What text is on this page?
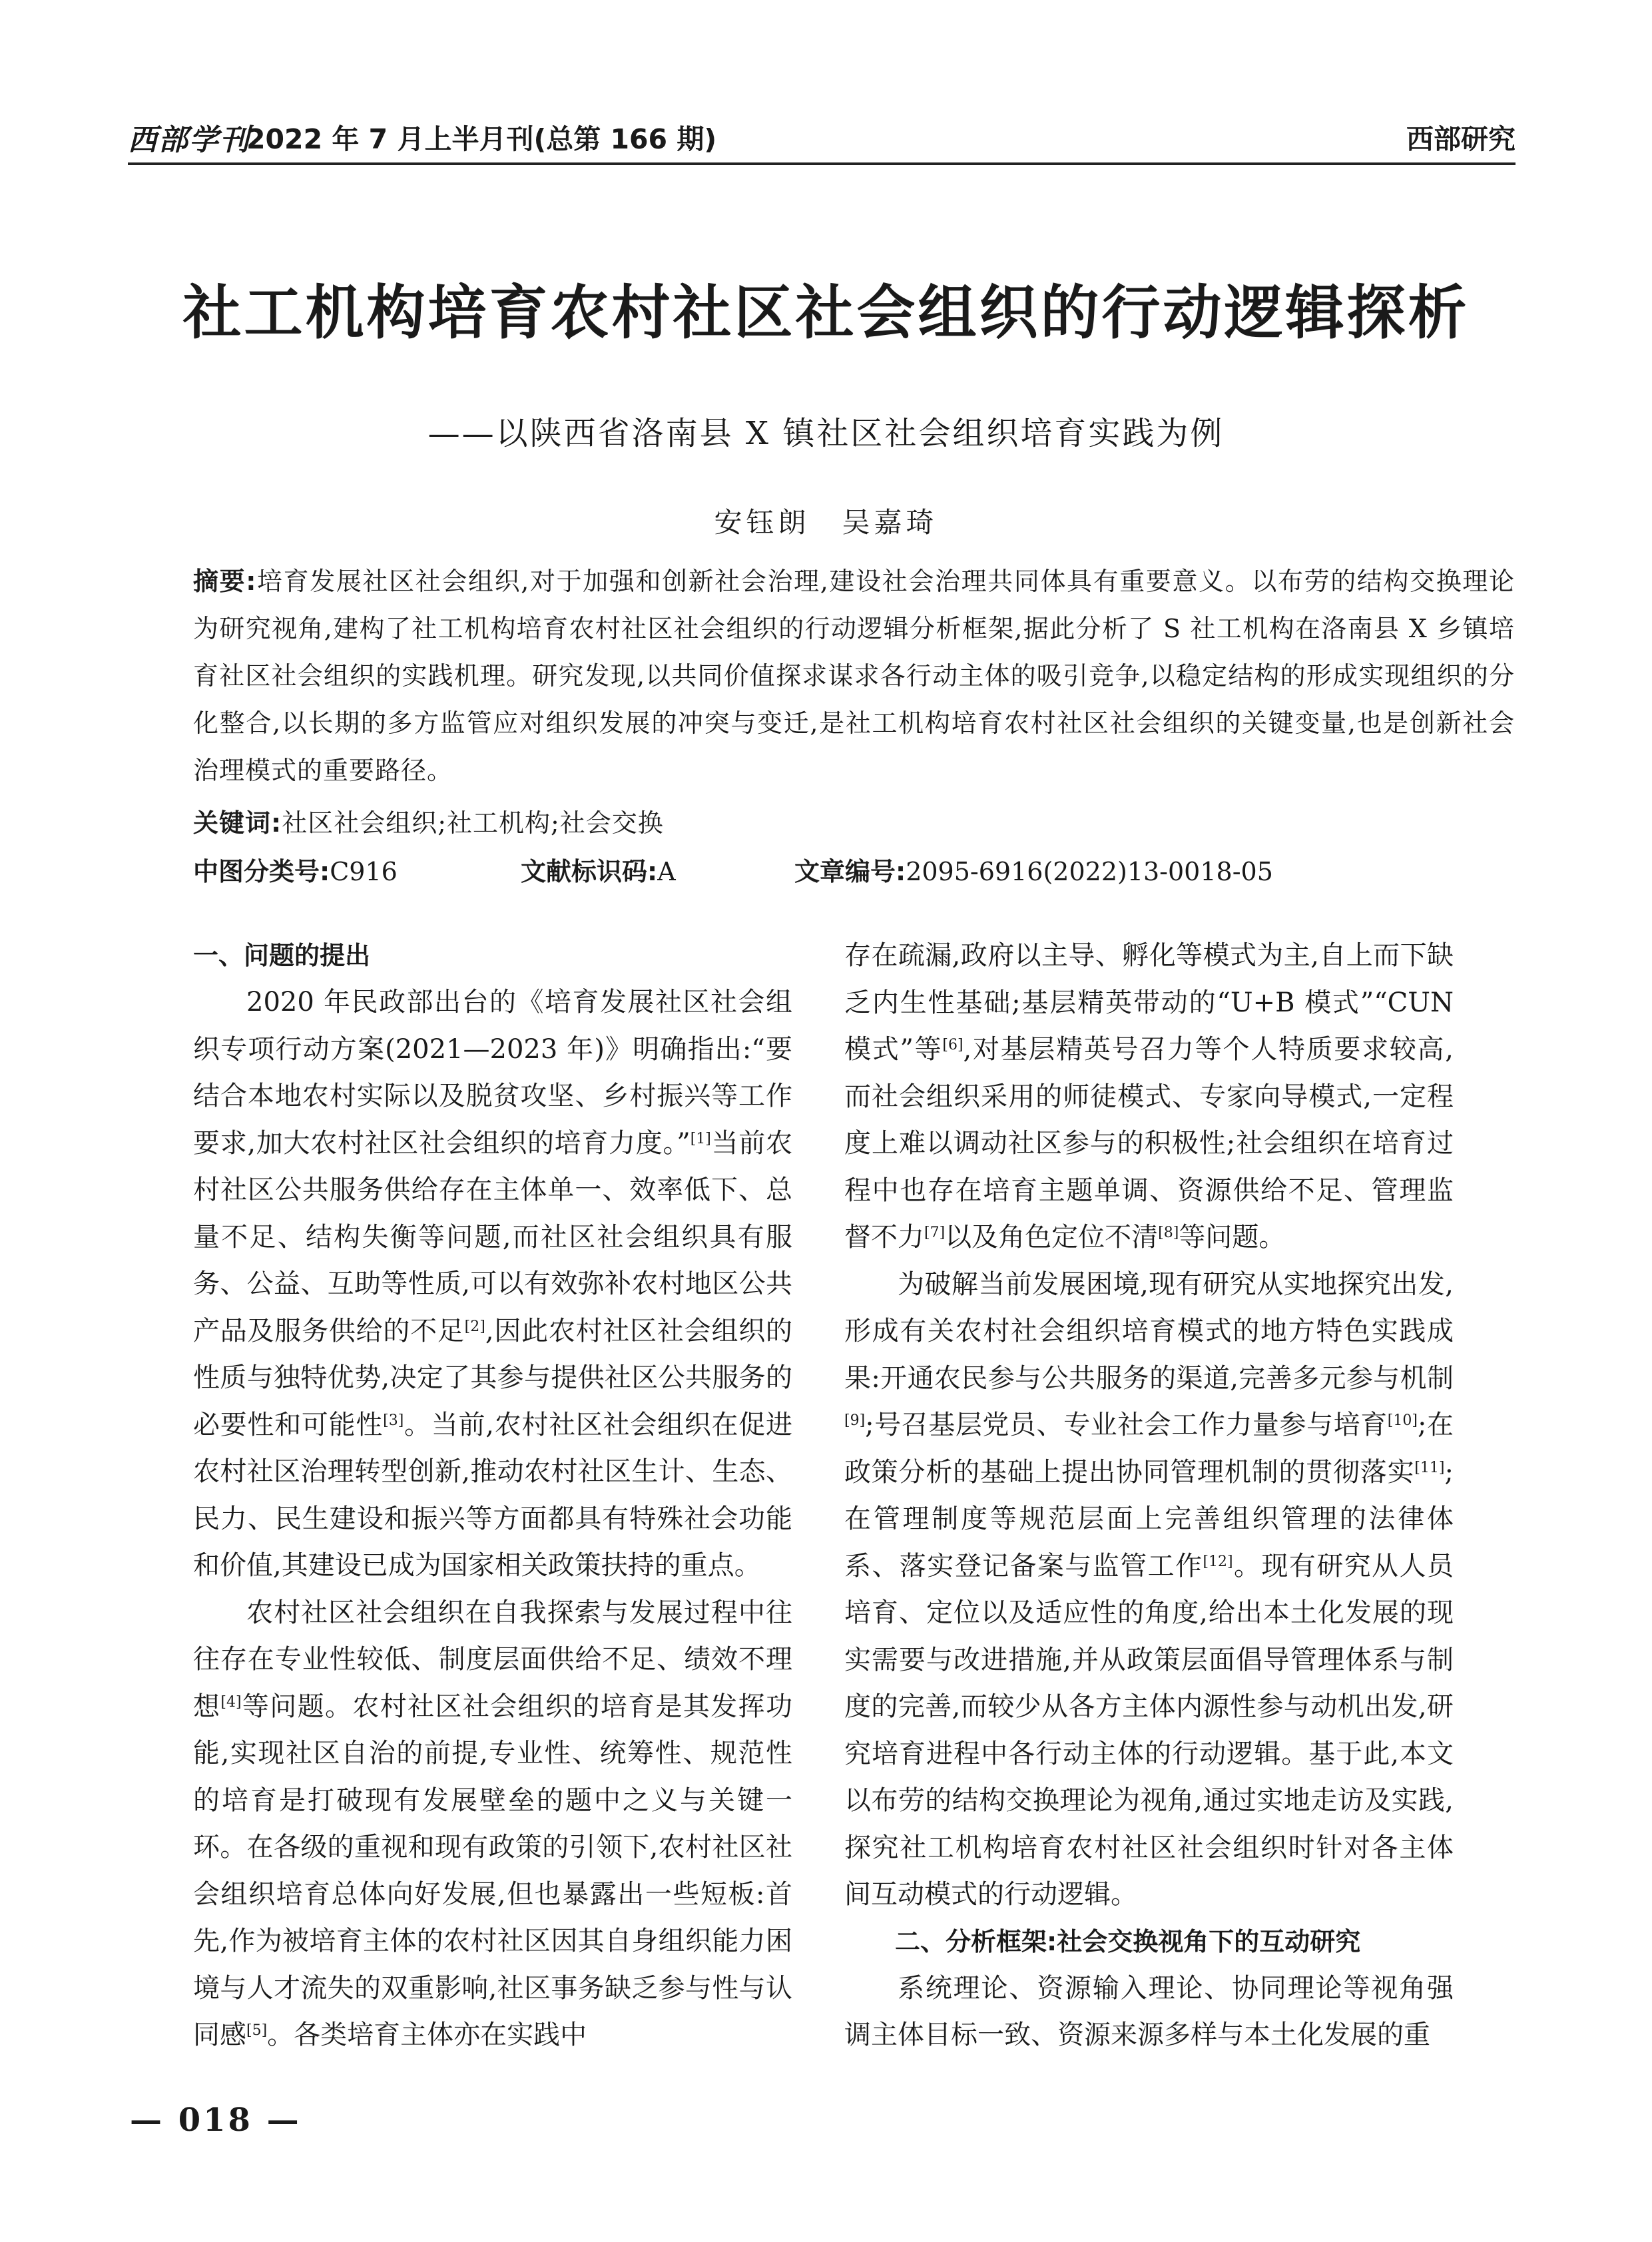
西部学刊
2022 年 7 月上半月刊(总第 166 期)	西部研究
社工机构培育农村社区社会组织的行动逻辑探析
——以陕西省洛南县 X 镇社区社会组织培育实践为例
安钰朗　吴嘉琦
摘要:培育发展社区社会组织,对于加强和创新社会治理,建设社会治理共同体具有重要意义。以布劳的结构交换理论为研究视角,建构了社工机构培育农村社区社会组织的行动逻辑分析框架,据此分析了 S 社工机构在洛南县 X 乡镇培育社区社会组织的实践机理。研究发现,以共同价值探求谋求各行动主体的吸引竞争,以稳定结构的形成实现组织的分化整合,以长期的多方监管应对组织发展的冲突与变迁,是社工机构培育农村社区社会组织的关键变量,也是创新社会治理模式的重要路径。
关键词:社区社会组织;社工机构;社会交换
中图分类号:C916	文献标识码:A	文章编号:2095-6916(2022)13-0018-05
一、问题的提出

2020 年民政部出台的《培育发展社区社会组织专项行动方案(2021—2023 年)》明确指出:“要结合本地农村实际以及脱贫攻坚、乡村振兴等工作要求,加大农村社区社会组织的培育力度。”[1]当前农村社区公共服务供给存在主体单一、效率低下、总量不足、结构失衡等问题,而社区社会组织具有服务、公益、互助等性质,可以有效弥补农村地区公共产品及服务供给的不足[2],因此农村社区社会组织的性质与独特优势,决定了其参与提供社区公共服务的必要性和可能性[3]。当前,农村社区社会组织在促进农村社区治理转型创新,推动农村社区生计、生态、民力、民生建设和振兴等方面都具有特殊社会功能和价值,其建设已成为国家相关政策扶持的重点。

农村社区社会组织在自我探索与发展过程中往往存在专业性较低、制度层面供给不足、绩效不理想[4]等问题。农村社区社会组织的培育是其发挥功能,实现社区自治的前提,专业性、统筹性、规范性的培育是打破现有发展壁垒的题中之义与关键一环。在各级的重视和现有政策的引领下,农村社区社会组织培育总体向好发展,但也暴露出一些短板:首先,作为被培育主体的农村社区因其自身组织能力困境与人才流失的双重影响,社区事务缺乏参与性与认同感[5]。各类培育主体亦在实践中

存在疏漏,政府以主导、孵化等模式为主,自上而下缺乏内生性基础;基层精英带动的“U+B 模式”“CUN 模式”等[6],对基层精英号召力等个人特质要求较高,而社会组织采用的师徒模式、专家向导模式,一定程度上难以调动社区参与的积极性;社会组织在培育过程中也存在培育主题单调、资源供给不足、管理监督不力[7]以及角色定位不清[8]等问题。

为破解当前发展困境,现有研究从实地探究出发,形成有关农村社会组织培育模式的地方特色实践成果:开通农民参与公共服务的渠道,完善多元参与机制[9];号召基层党员、专业社会工作力量参与培育[10];在政策分析的基础上提出协同管理机制的贯彻落实[11];在管理制度等规范层面上完善组织管理的法律体系、落实登记备案与监管工作[12]。现有研究从人员培育、定位以及适应性的角度,给出本土化发展的现实需要与改进措施,并从政策层面倡导管理体系与制度的完善,而较少从各方主体内源性参与动机出发,研究培育进程中各行动主体的行动逻辑。基于此,本文以布劳的结构交换理论为视角,通过实地走访及实践,探究社工机构培育农村社区社会组织时针对各主体间互动模式的行动逻辑。

二、分析框架:社会交换视角下的互动研究

系统理论、资源输入理论、协同理论等视角强调主体目标一致、资源来源多样与本土化发展的重

— 018 —
